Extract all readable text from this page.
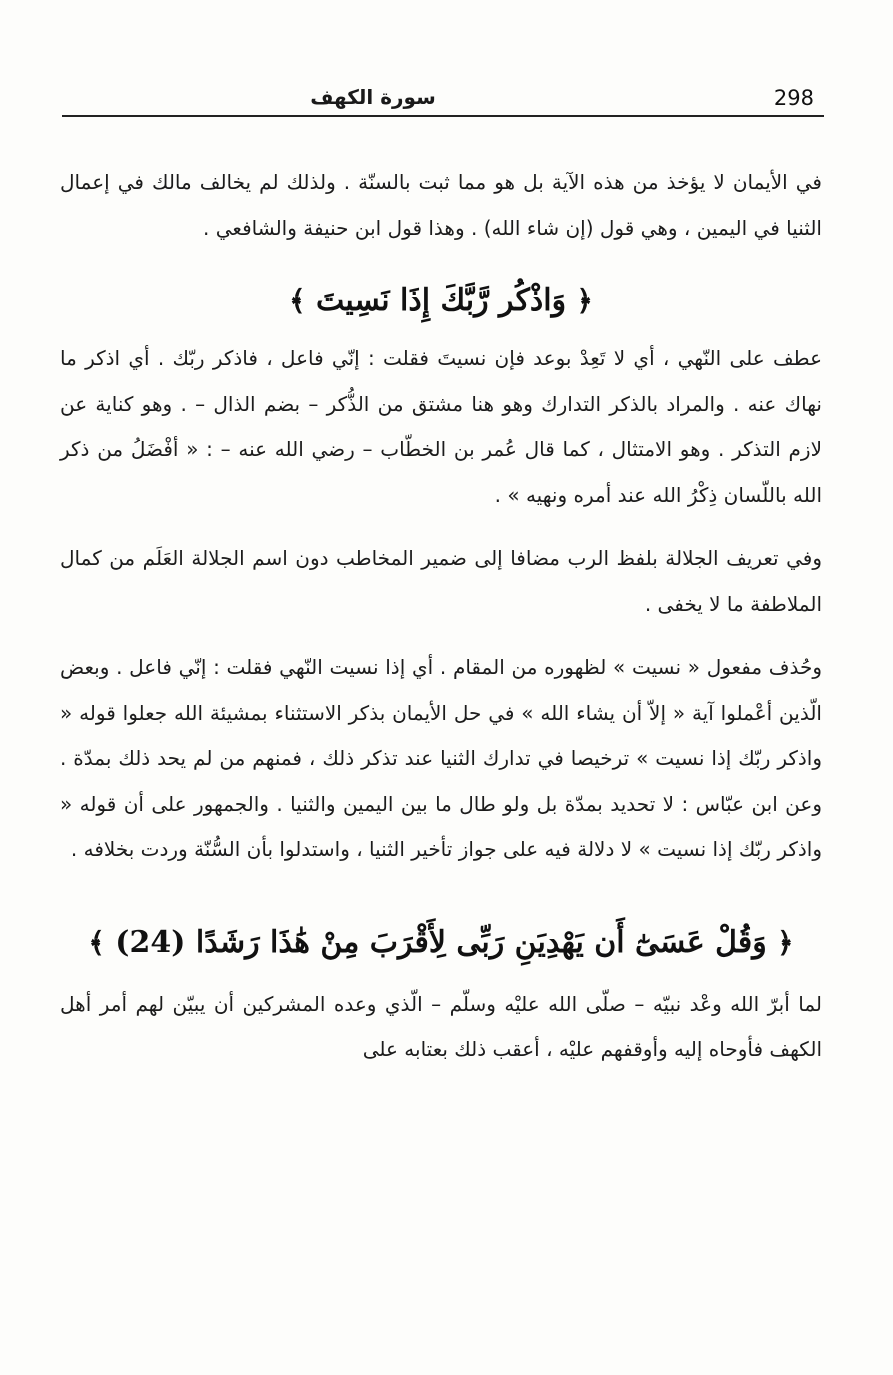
سورة الكهف	298

في الأيمان لا يؤخذ من هذه الآية بل هو مما ثبت بالسنّة . ولذلك لم يخالف مالك في إعمال الثنيا في اليمين ، وهي قول (إن شاء الله) . وهذا قول ابن حنيفة والشافعي .

﴿ وَاذْكُر رَّبَّكَ إِذَا نَسِيتَ ﴾

عطف على النّهي ، أي لا تَعِدْ بوعد فإن نسيتَ فقلت : إنّي فاعل ، فاذكر ربّك . أي اذكر ما نهاك عنه . والمراد بالذكر التدارك وهو هنا مشتق من الذُّكر – بضم الذال – . وهو كناية عن لازم التذكر . وهو الامتثال ، كما قال عُمر بن الخطّاب – رضي الله عنه – : « أفْضَلُ من ذكر الله باللّسان ذِكْرُ الله عند أمره ونهيه » .

وفي تعريف الجلالة بلفظ الرب مضافا إلى ضمير المخاطب دون اسم الجلالة العَلَم من كمال الملاطفة ما لا يخفى .

وحُذف مفعول « نسيت » لظهوره من المقام . أي إذا نسيت النّهي فقلت : إنّي فاعل . وبعض الّذين أعْملوا آية « إلاّ أن يشاء الله » في حل الأيمان بذكر الاستثناء بمشيئة الله جعلوا قوله « واذكر ربّك إذا نسيت » ترخيصا في تدارك الثنيا عند تذكر ذلك ، فمنهم من لم يحد ذلك بمدّة . وعن ابن عبّاس : لا تحديد بمدّة بل ولو طال ما بين اليمين والثنيا . والجمهور على أن قوله « واذكر ربّك إذا نسيت » لا دلالة فيه على جواز تأخير الثنيا ، واستدلوا بأن السُّنّة وردت بخلافه .

﴿ وَقُلْ عَسَىٰٓ أَن يَهْدِيَنِ رَبِّى لِأَقْرَبَ مِنْ هَٰذَا رَشَدًا (24) ﴾

لما أبرّ الله وعْد نبيّه – صلّى الله عليْه وسلّم – الّذي وعده المشركين أن يبيّن لهم أمر أهل الكهف فأوحاه إليه وأوقفهم عليْه ، أعقب ذلك بعتابه على
